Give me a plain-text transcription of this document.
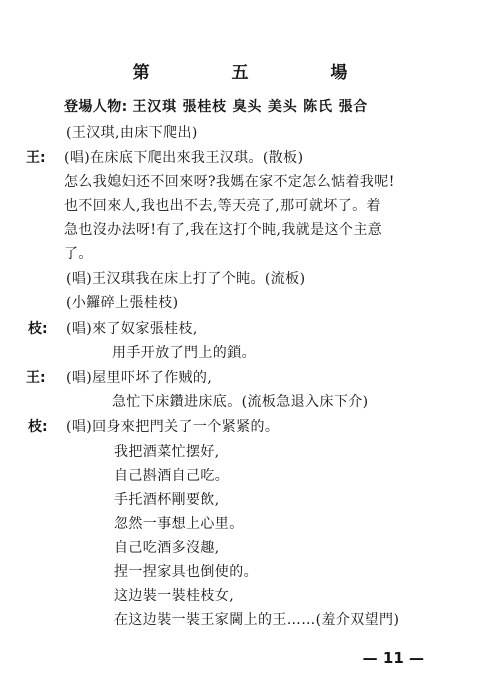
第 五 場
登場人物: 王汉琪 張桂枝 臭头 美头 陈氏 張合
(王汉琪,由床下爬出)
王: (唱)在床底下爬出來我王汉琪。(散板)
怎么我媳妇还不回來呀?我媽在家不定怎么惦着我呢!
也不回來人,我也出不去,等天亮了,那可就坏了。着
急也沒办法呀!有了,我在这打个盹,我就是这个主意
了。
(唱)王汉琪我在床上打了个盹。(流板)
(小鑼碎上張桂枝)
枝: (唱)來了奴家張桂枝,
用手开放了門上的鎖。
王: (唱)屋里吓坏了作贼的,
急忙下床鑽进床底。(流板急退入床下介)
枝: (唱)回身來把門关了一个紧紧的。
我把酒菜忙摆好,
自己斟酒自己吃。
手托酒杯剛要飲,
忽然一事想上心里。
自己吃酒多沒趣,
捏一捏家具也倒使的。
这边裝一裝桂枝女,
在这边裝一裝王家閫上的王……(羞介双望門)
— 11 —
